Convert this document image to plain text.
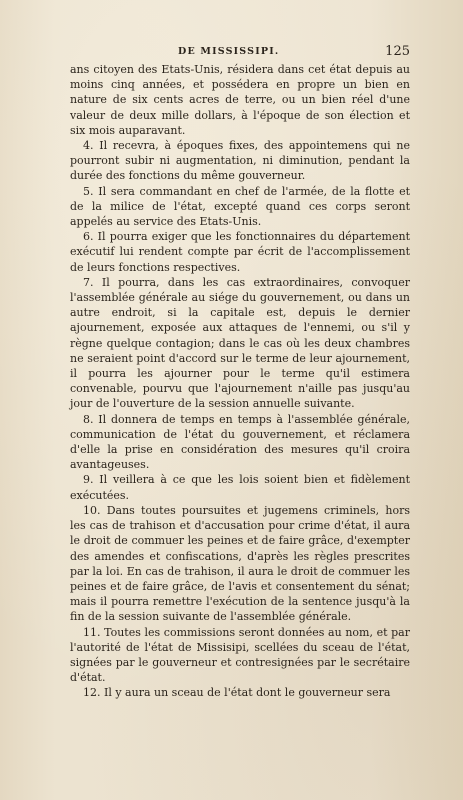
DE MISSISSIPI.	125

ans citoyen des Etats-Unis, résidera dans cet état depuis au moins cinq années, et possédera en propre un bien en nature de six cents acres de terre, ou un bien réel d'une valeur de deux mille dollars, à l'époque de son élection et six mois auparavant.

4. Il recevra, à époques fixes, des appointemens qui ne pourront subir ni augmentation, ni diminution, pendant la durée des fonctions du même gouverneur.

5. Il sera commandant en chef de l'armée, de la flotte et de la milice de l'état, excepté quand ces corps seront appelés au service des Etats-Unis.

6. Il pourra exiger que les fonctionnaires du département exécutif lui rendent compte par écrit de l'accomplissement de leurs fonctions respectives.

7. Il pourra, dans les cas extraordinaires, convoquer l'assemblée générale au siége du gouvernement, ou dans un autre endroit, si la capitale est, depuis le dernier ajournement, exposée aux attaques de l'ennemi, ou s'il y règne quelque contagion; dans le cas où les deux chambres ne seraient point d'accord sur le terme de leur ajournement, il pourra les ajourner pour le terme qu'il estimera convenable, pourvu que l'ajournement n'aille pas jusqu'au jour de l'ouverture de la session annuelle suivante.

8. Il donnera de temps en temps à l'assemblée générale, communication de l'état du gouvernement, et réclamera d'elle la prise en considération des mesures qu'il croira avantageuses.

9. Il veillera à ce que les lois soient bien et fidèlement exécutées.

10. Dans toutes poursuites et jugemens criminels, hors les cas de trahison et d'accusation pour crime d'état, il aura le droit de commuer les peines et de faire grâce, d'exempter des amendes et confiscations, d'après les règles prescrites par la loi. En cas de trahison, il aura le droit de commuer les peines et de faire grâce, de l'avis et consentement du sénat; mais il pourra remettre l'exécution de la sentence jusqu'à la fin de la session suivante de l'assemblée générale.

11. Toutes les commissions seront données au nom, et par l'autorité de l'état de Missisipi, scellées du sceau de l'état, signées par le gouverneur et contresignées par le secrétaire d'état.

12. Il y aura un sceau de l'état dont le gouverneur sera
